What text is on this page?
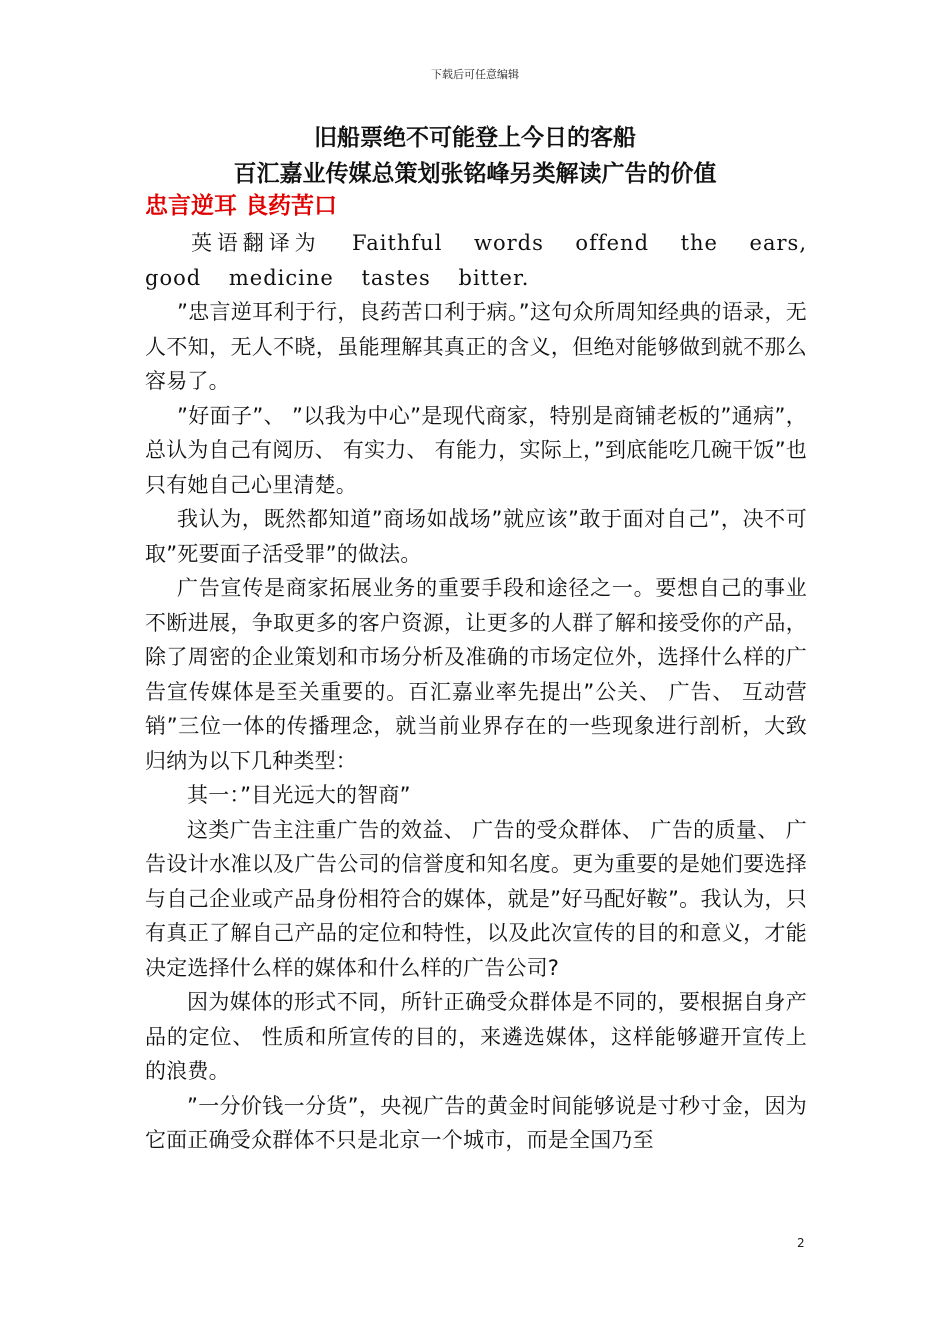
下载后可任意编辑

旧船票绝不可能登上今日的客船

百汇嘉业传媒总策划张铭峰另类解读广告的价值

忠言逆耳 良药苦口

英语翻译为 Faithful words offend the ears, good medicine tastes bitter.

”忠言逆耳利于行，良药苦口利于病。”这句众所周知经典的语录，无人不知，无人不晓，虽能理解其真正的含义，但绝对能够做到就不那么容易了。

”好面子”、 ”以我为中心”是现代商家，特别是商铺老板的”通病”，总认为自己有阅历、 有实力、 有能力，实际上，”到底能吃几碗干饭”也只有她自己心里清楚。

我认为，既然都知道”商场如战场”就应该”敢于面对自己”，决不可取”死要面子活受罪”的做法。

广告宣传是商家拓展业务的重要手段和途径之一。要想自己的事业不断进展，争取更多的客户资源，让更多的人群了解和接受你的产品，除了周密的企业策划和市场分析及准确的市场定位外，选择什么样的广告宣传媒体是至关重要的。百汇嘉业率先提出”公关、 广告、 互动营销”三位一体的传播理念，就当前业界存在的一些现象进行剖析，大致归纳为以下几种类型：

其一：”目光远大的智商”

这类广告主注重广告的效益、 广告的受众群体、 广告的质量、 广告设计水准以及广告公司的信誉度和知名度。更为重要的是她们要选择与自己企业或产品身份相符合的媒体，就是”好马配好鞍”。我认为，只有真正了解自己产品的定位和特性，以及此次宣传的目的和意义，才能决定选择什么样的媒体和什么样的广告公司?

因为媒体的形式不同，所针正确受众群体是不同的，要根据自身产品的定位、 性质和所宣传的目的，来遴选媒体，这样能够避开宣传上的浪费。

”一分价钱一分货”，央视广告的黄金时间能够说是寸秒寸金，因为它面正确受众群体不只是北京一个城市，而是全国乃至

2
